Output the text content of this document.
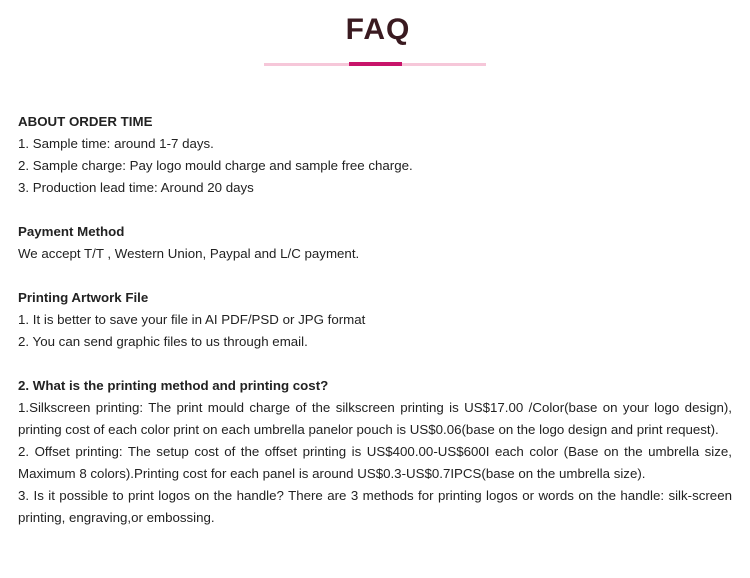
FAQ

ABOUT ORDER TIME

1. Sample time: around 1-7 days.

2. Sample charge: Pay logo mould charge and sample free charge.

3. Production lead time: Around 20 days

Payment Method

We accept T/T , Western Union, Paypal and L/C payment.

Printing Artwork File

1. It is better to save your file in AI PDF/PSD or JPG format

2. You can send graphic files to us through email.

2. What is the printing method and printing cost?

1.Silkscreen printing: The print mould charge of the silkscreen printing is US$17.00 /Color(base on your logo design), printing cost of each color print on each umbrella panelor pouch is US$0.06(base on the logo design and print request).

2. Offset printing: The setup cost of the offset printing is US$400.00-US$600I each color (Base on the umbrella size, Maximum 8 colors).Printing cost for each panel is around US$0.3-US$0.7IPCS(base on the umbrella size).

3. Is it possible to print logos on the handle? There are 3 methods for printing logos or words on the handle: silk-screen printing, engraving,or embossing.
